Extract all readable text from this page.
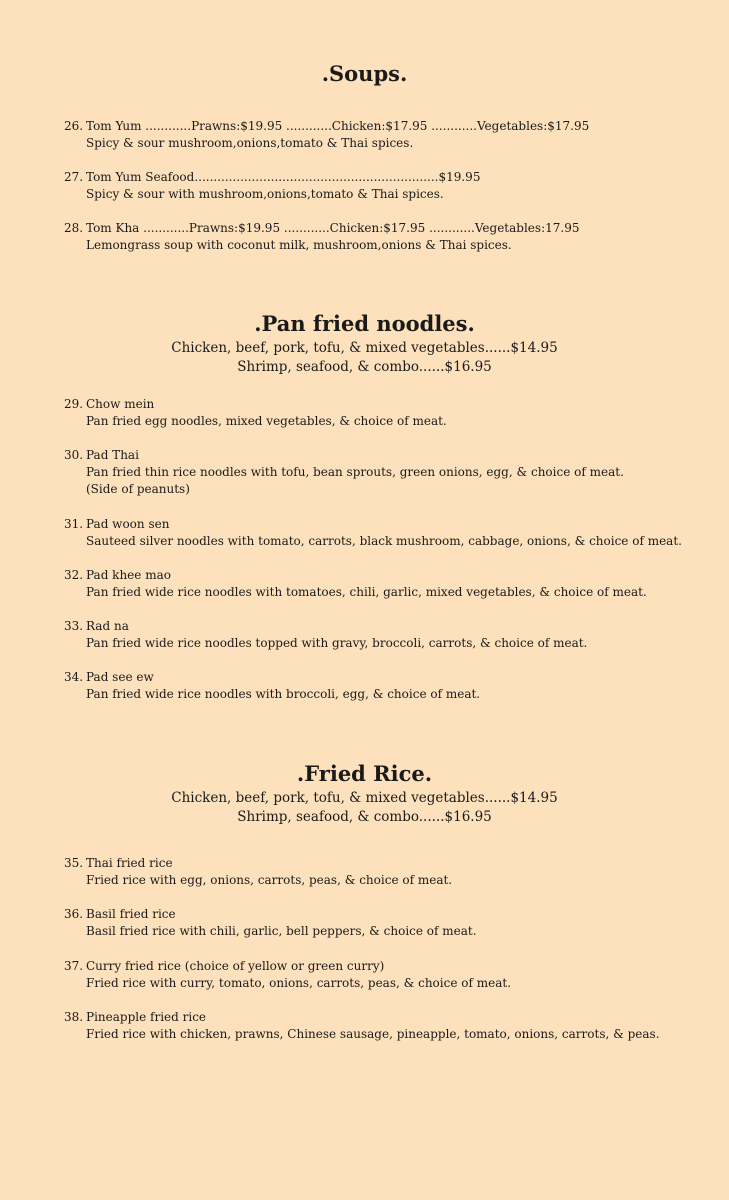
.Soups.
26. Tom Yum ............Prawns:$19.95 ............Chicken:$17.95 ............Vegetables:$17.95
Spicy & sour mushroom,onions,tomato & Thai spices.
27. Tom Yum Seafood................................................................$19.95
Spicy & sour with mushroom,onions,tomato & Thai spices.
28. Tom Kha ............Prawns:$19.95 ............Chicken:$17.95 ............Vegetables:17.95
Lemongrass soup with coconut milk, mushroom,onions & Thai spices.
.Pan fried noodles.

Chicken, beef, pork, tofu, & mixed vegetables......$14.95

Shrimp, seafood, & combo......$16.95

29. Chow mein
Pan fried egg noodles, mixed vegetables, & choice of meat.
30. Pad Thai
Pan fried thin rice noodles with tofu, bean sprouts, green onions, egg, & choice of meat. (Side of peanuts)
31. Pad woon sen
Sauteed silver noodles with tomato, carrots, black mushroom, cabbage, onions, & choice of meat.
32. Pad khee mao
Pan fried wide rice noodles with tomatoes, chili, garlic, mixed vegetables, & choice of meat.
33. Rad na
Pan fried wide rice noodles topped with gravy, broccoli, carrots, & choice of meat.
34. Pad see ew
Pan fried wide rice noodles with broccoli, egg, & choice of meat.
.Fried Rice.

Chicken, beef, pork, tofu, & mixed vegetables......$14.95

Shrimp, seafood, & combo......$16.95

35. Thai fried rice
Fried rice with egg, onions, carrots, peas, & choice of meat.
36. Basil fried rice
Basil fried rice with chili, garlic, bell peppers, & choice of meat.
37. Curry fried rice (choice of yellow or green curry)
Fried rice with curry, tomato, onions, carrots, peas, & choice of meat.
38. Pineapple fried rice
Fried rice with chicken, prawns, Chinese sausage, pineapple, tomato, onions, carrots, & peas.
